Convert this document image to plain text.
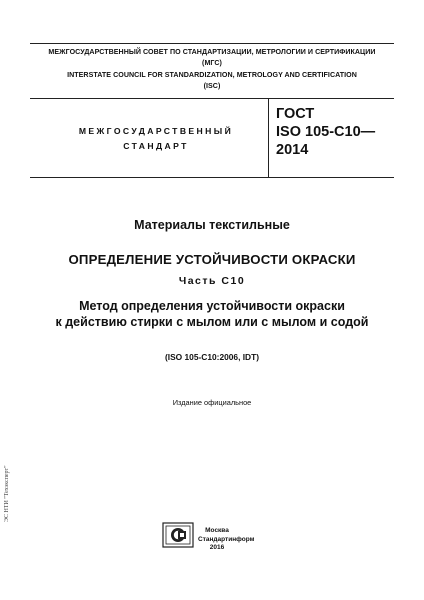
МЕЖГОСУДАРСТВЕННЫЙ СОВЕТ ПО СТАНДАРТИЗАЦИИ, МЕТРОЛОГИИ И СЕРТИФИКАЦИИ
(МГС)
INTERSTATE COUNCIL FOR STANDARDIZATION, METROLOGY AND CERTIFICATION
(ISC)
МЕЖГОСУДАРСТВЕННЫЙ
СТАНДАРТ
ГОСТ
ISO 105-C10—
2014
Материалы текстильные
ОПРЕДЕЛЕНИЕ УСТОЙЧИВОСТИ ОКРАСКИ
Часть С10
Метод определения устойчивости окраски
к действию стирки с мылом или с мылом и содой
(ISO 105-C10:2006, IDT)
Издание официальное
Москва
Стандартинформ
2016
ЭС НТИ "Техэксперт"
